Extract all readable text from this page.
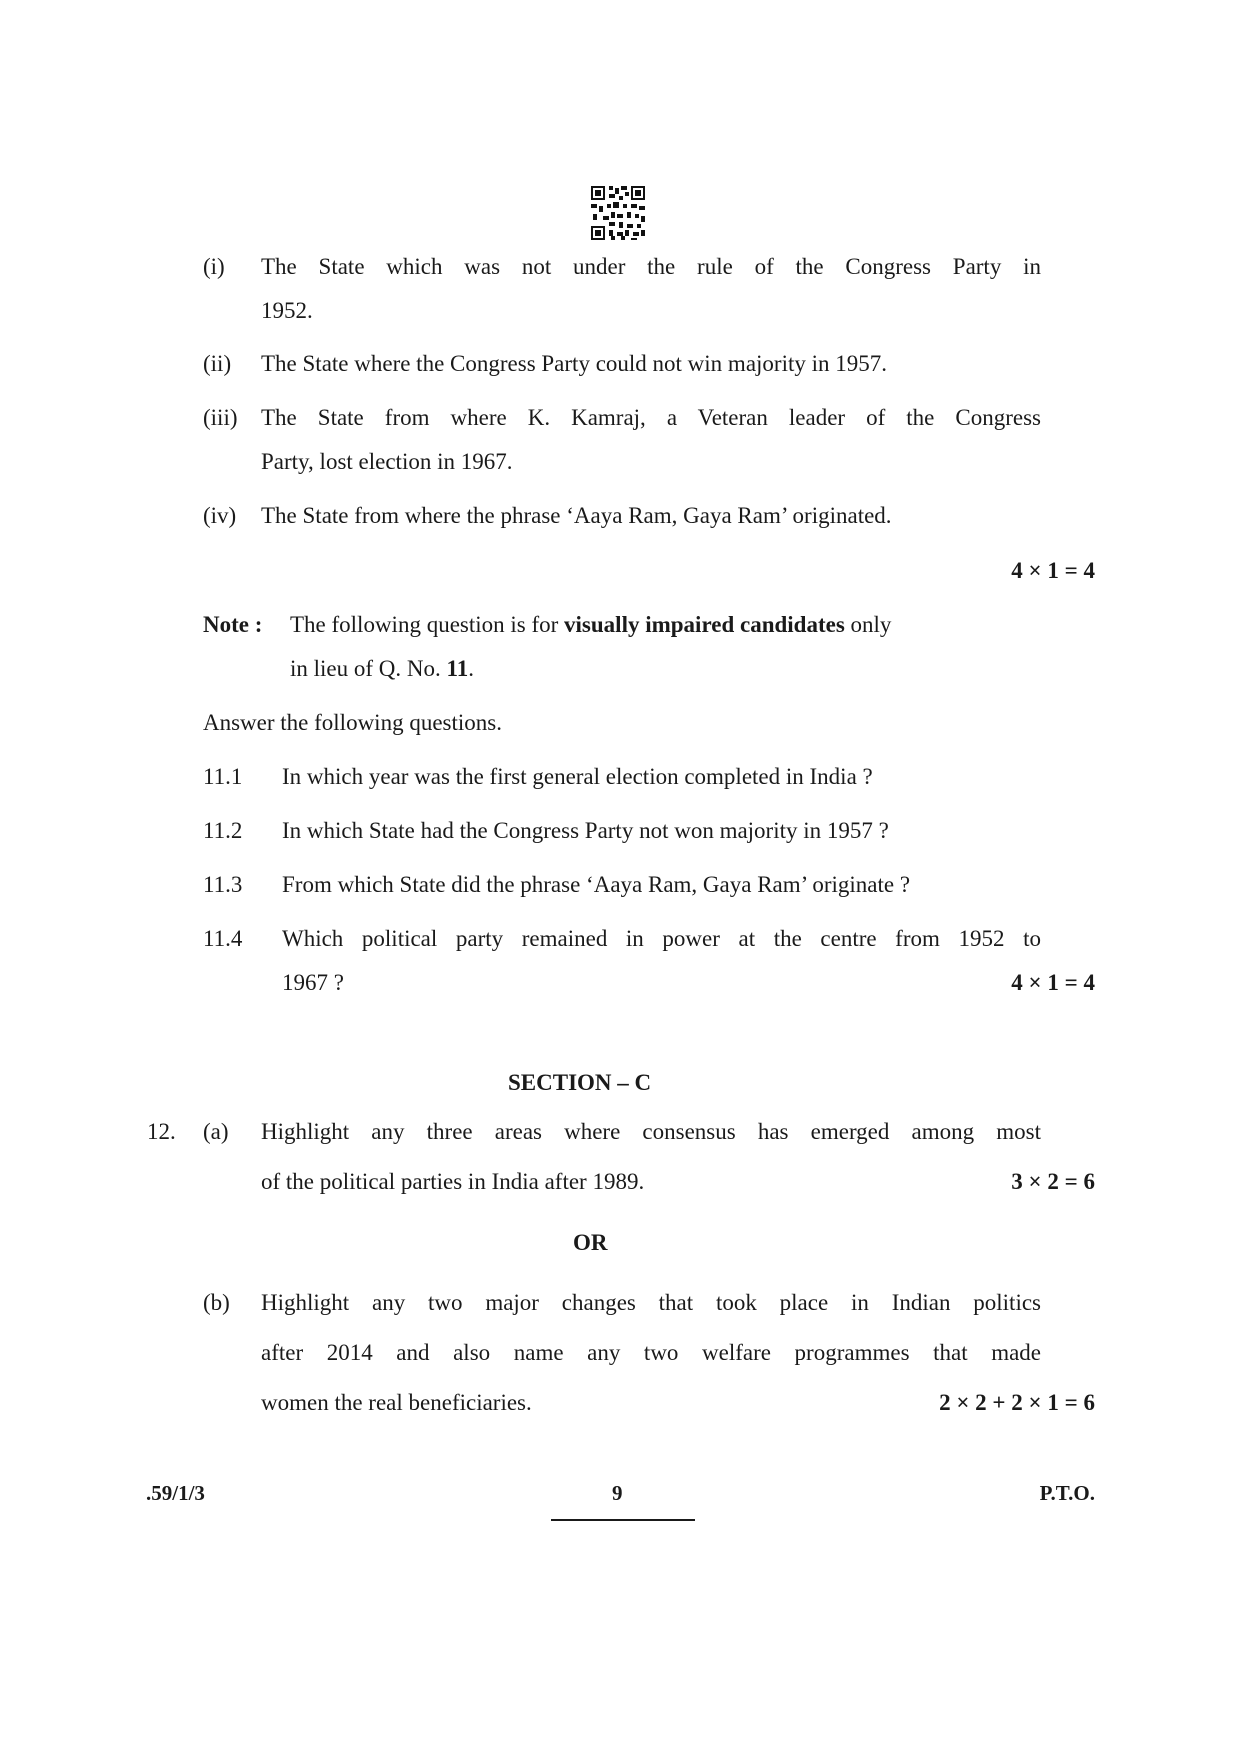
(i) The State which was not under the rule of the Congress Party in
1952.
(ii) The State where the Congress Party could not win majority in 1957.
(iii) The State from where K. Kamraj, a Veteran leader of the Congress
Party, lost election in 1967.
(iv) The State from where the phrase ‘Aaya Ram, Gaya Ram’ originated.
4 × 1 = 4
Note : The following question is for visually impaired candidates only
in lieu of Q. No. 11.
Answer the following questions.
11.1 In which year was the first general election completed in India ?
11.2 In which State had the Congress Party not won majority in 1957 ?
11.3 From which State did the phrase ‘Aaya Ram, Gaya Ram’ originate ?
11.4 Which political party remained in power at the centre from 1952 to
1967 ?	4 × 1 = 4
SECTION – C
12. (a) Highlight any three areas where consensus has emerged among most
of the political parties in India after 1989.	3 × 2 = 6
OR
(b) Highlight any two major changes that took place in Indian politics
after 2014 and also name any two welfare programmes that made
women the real beneficiaries.	2 × 2 + 2 × 1 = 6
.59/1/3	9	P.T.O.
